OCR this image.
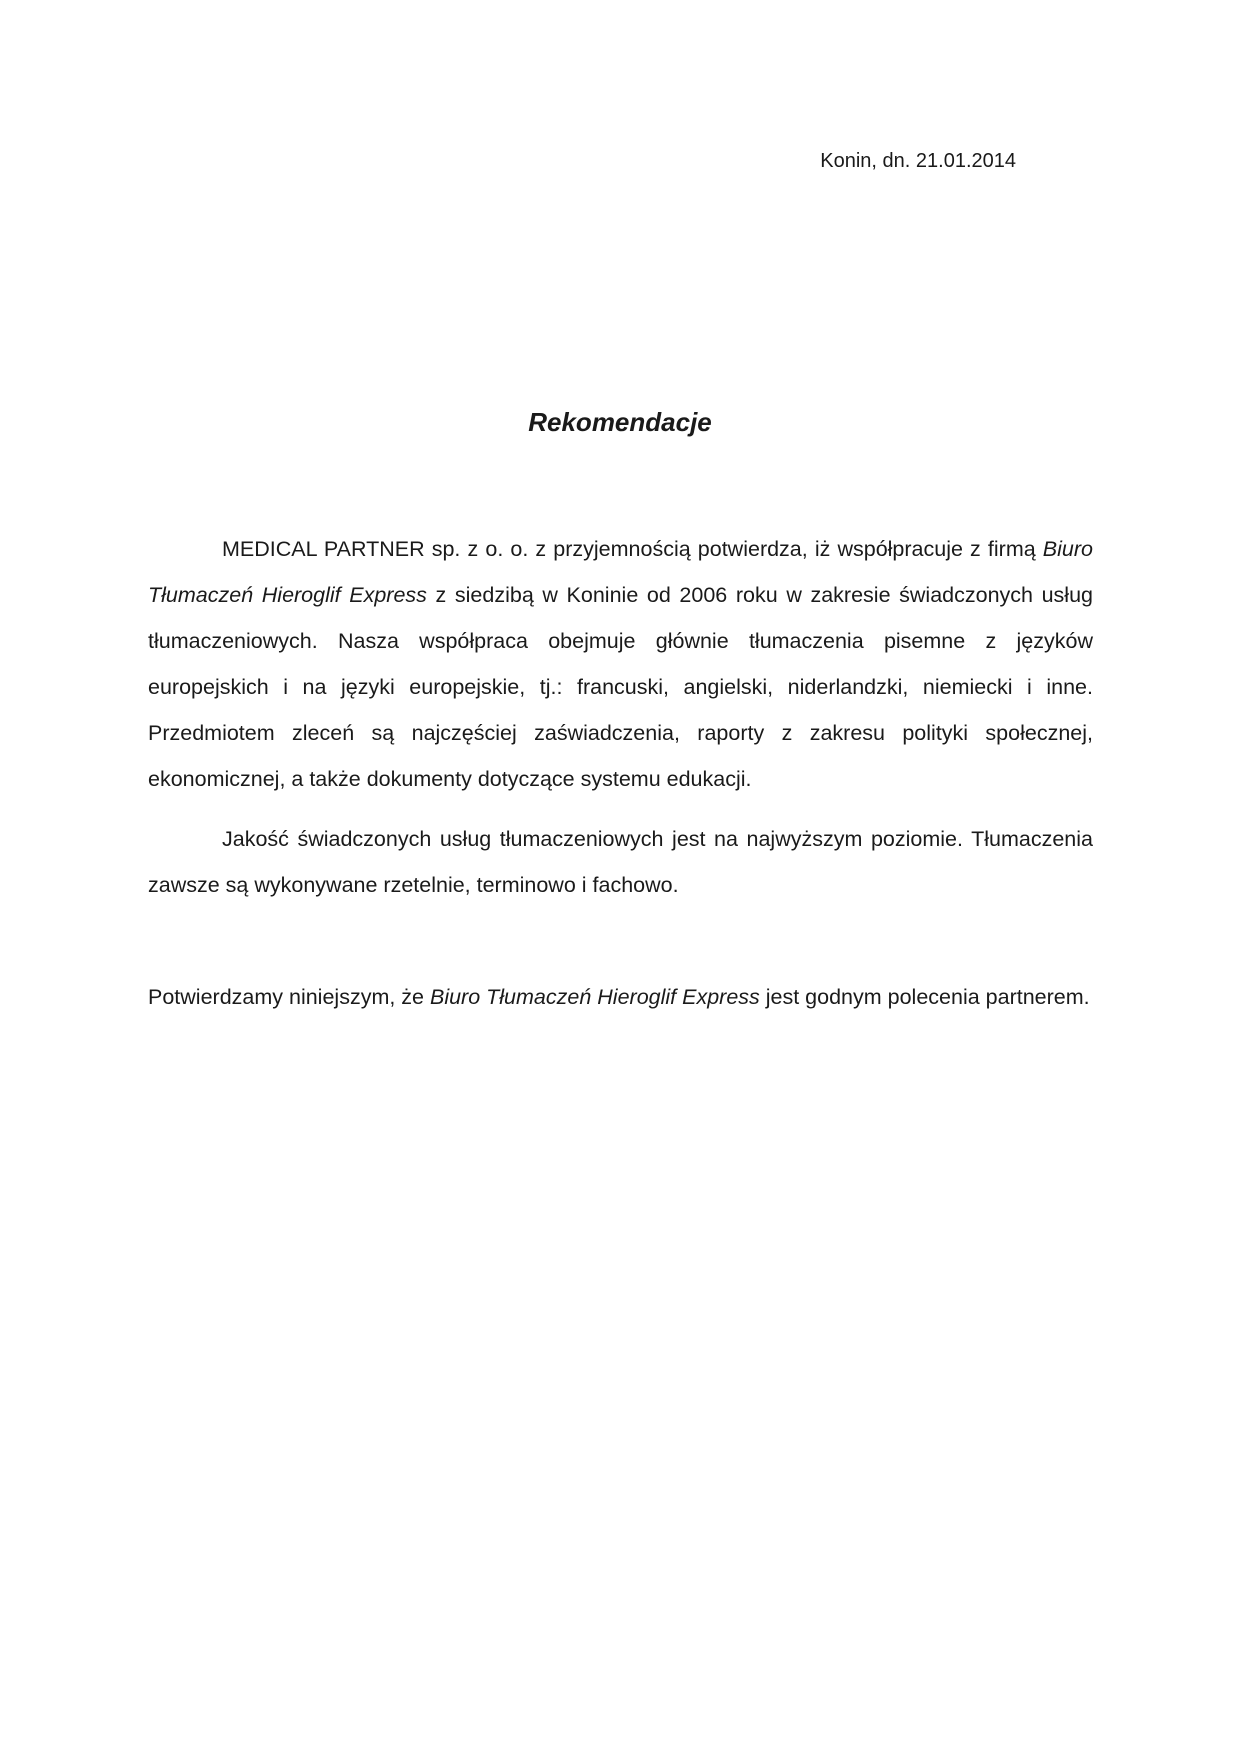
Konin, dn. 21.01.2014
Rekomendacje

MEDICAL PARTNER sp. z o. o. z przyjemnością potwierdza, iż współpracuje z firmą Biuro Tłumaczeń Hieroglif Express z siedzibą w Koninie od 2006 roku w zakresie świadczonych usług tłumaczeniowych. Nasza współpraca obejmuje głównie tłumaczenia pisemne z języków europejskich i na języki europejskie, tj.: francuski, angielski, niderlandzki, niemiecki i inne. Przedmiotem zleceń są najczęściej zaświadczenia, raporty z zakresu polityki społecznej, ekonomicznej, a także dokumenty dotyczące systemu edukacji.

Jakość świadczonych usług tłumaczeniowych jest na najwyższym poziomie. Tłumaczenia zawsze są wykonywane rzetelnie, terminowo i fachowo.

Potwierdzamy niniejszym, że Biuro Tłumaczeń Hieroglif Express jest godnym polecenia partnerem.
